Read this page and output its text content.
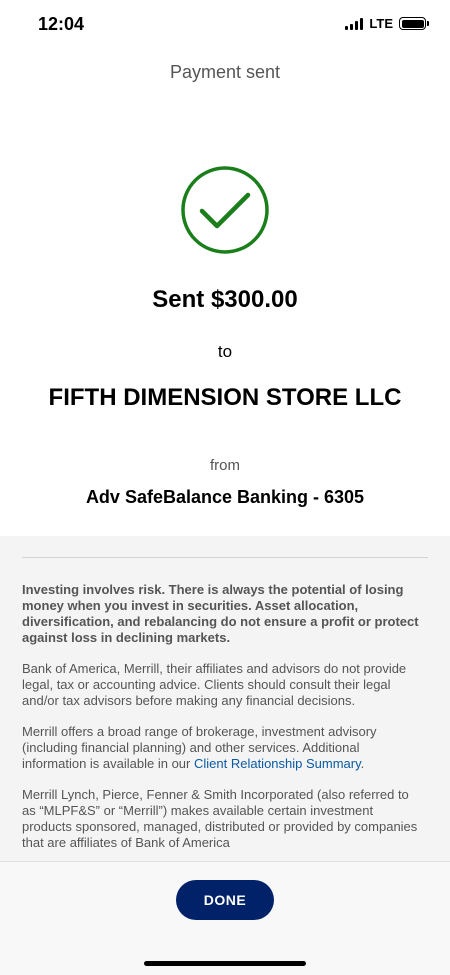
12:04	LTE
Payment sent
Sent $300.00
to
FIFTH DIMENSION STORE LLC
from
Adv SafeBalance Banking - 6305

Investing involves risk. There is always the potential of losing money when you invest in securities. Asset allocation, diversification, and rebalancing do not ensure a profit or protect against loss in declining markets.

Bank of America, Merrill, their affiliates and advisors do not provide legal, tax or accounting advice. Clients should consult their legal and/or tax advisors before making any financial decisions.

Merrill offers a broad range of brokerage, investment advisory (including financial planning) and other services. Additional information is available in our Client Relationship Summary.

Merrill Lynch, Pierce, Fenner & Smith Incorporated (also referred to as “MLPF&S” or “Merrill”) makes available certain investment products sponsored, managed, distributed or provided by companies that are affiliates of Bank of America

DONE
